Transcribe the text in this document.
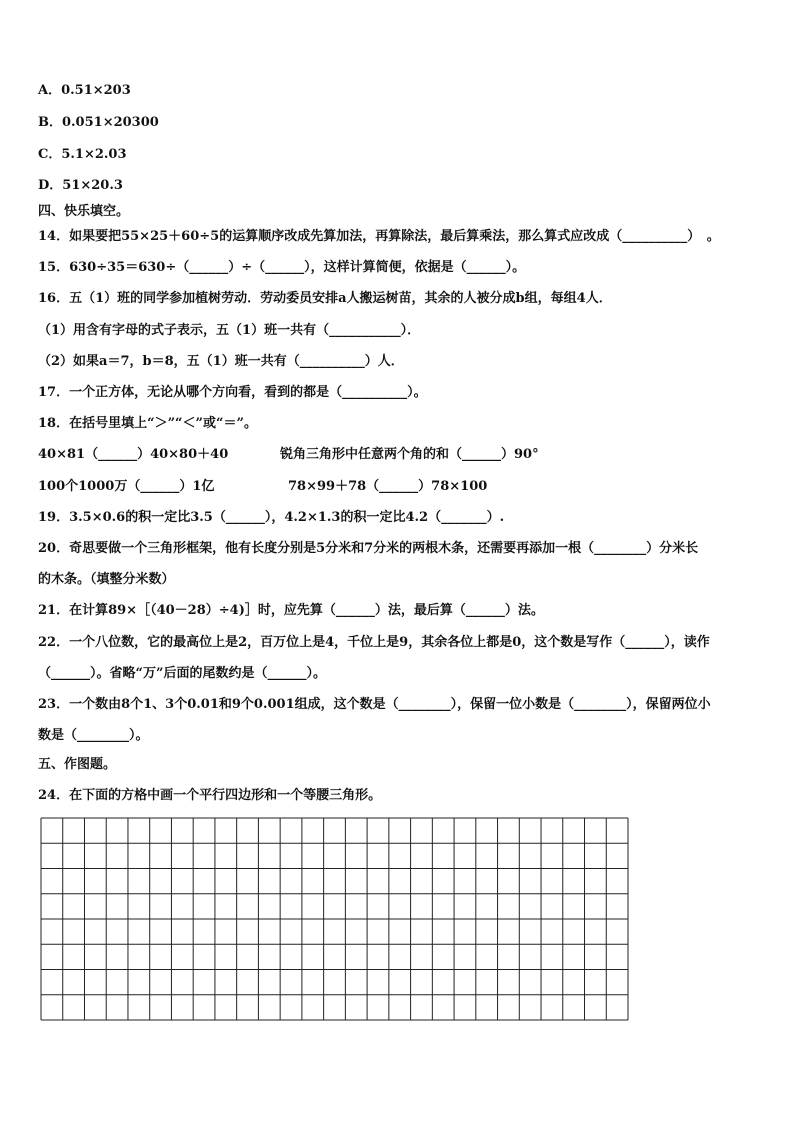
A．0.51×203
B．0.051×20300
C．5.1×2.03
D．51×20.3
四、快乐填空。
14．如果要把55×25＋60÷5的运算顺序改成先算加法，再算除法，最后算乘法，那么算式应改成（__________）　。
15．630÷35＝630÷（______）÷（______），这样计算简便，依据是（______）。
16．五（1）班的同学参加植树劳动．劳动委员安排a人搬运树苗，其余的人被分成b组，每组4人．
（1）用含有字母的式子表示，五（1）班一共有（___________）．
（2）如果a＝7，b＝8，五（1）班一共有（__________）人．
17．一个正方体，无论从哪个方向看，看到的都是（__________）。
18．在括号里填上“＞”“＜”或“＝”。
40×81（______）40×80＋40	锐角三角形中任意两个角的和（______）90°
100个1000万（______）1亿	78×99＋78（______）78×100
19．3.5×0.6的积一定比3.5（______），4.2×1.3的积一定比4.2（_______）.
20．奇思要做一个三角形框架，他有长度分别是5分米和7分米的两根木条，还需要再添加一根（________）分米长
的木条。（填整分米数）
21．在计算89×［（40－28）÷4)］时，应先算（______）法，最后算（______）法。
22．一个八位数，它的最高位上是2，百万位上是4，千位上是9，其余各位上都是0，这个数是写作（______），读作
（______）。省略“万”后面的尾数约是（______）。
23．一个数由8个1、3个0.01和9个0.001组成，这个数是（________），保留一位小数是（________），保留两位小
数是（________）。
五、作图题。
24．在下面的方格中画一个平行四边形和一个等腰三角形。
